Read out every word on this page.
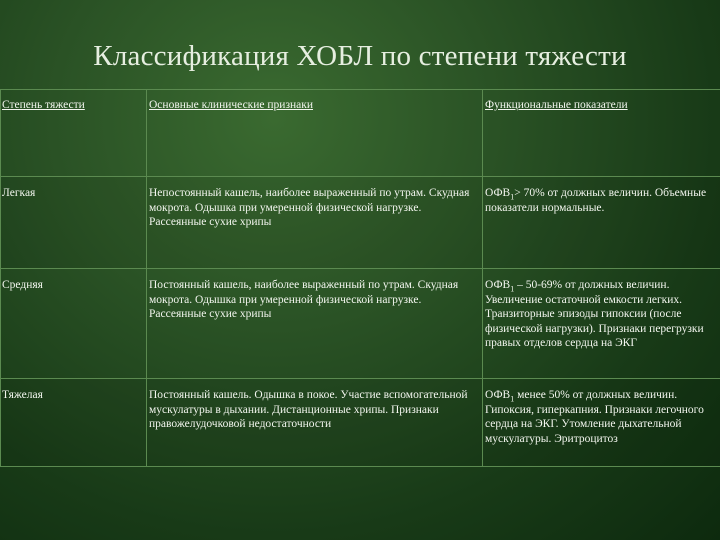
Классификация ХОБЛ по степени тяжести
Степень тяжести	Основные клинические признаки	Функциональные показатели
Легкая	Непостоянный кашель, наиболее выраженный по утрам. Скудная мокрота. Одышка при умеренной физической нагрузке. Рассеянные сухие хрипы	$ОФВ_1> 70\%$ от должных величин. Объемные показатели нормальные.
Средняя	Постоянный кашель, наиболее выраженный по утрам. Скудная мокрота. Одышка при умеренной физической нагрузке. Рассеянные сухие хрипы	$ОФВ_1 - 50-69\%$ от должных величин. Увеличение остаточной емкости легких. Транзиторные эпизоды гипоксии (после физической нагрузки). Признаки перегрузки правых отделов сердца на ЭКГ
Тяжелая	Постоянный кашель. Одышка в покое. Участие вспомогательной мускулатуры в дыхании. Дистанционные хрипы. Признаки правожелудочковой недостаточности	$ОФВ_1$ менее 50% от должных величин. Гипоксия, гиперкапния. Признаки легочного сердца на ЭКГ. Утомление дыхательной мускулатуры. Эритроцитоз
